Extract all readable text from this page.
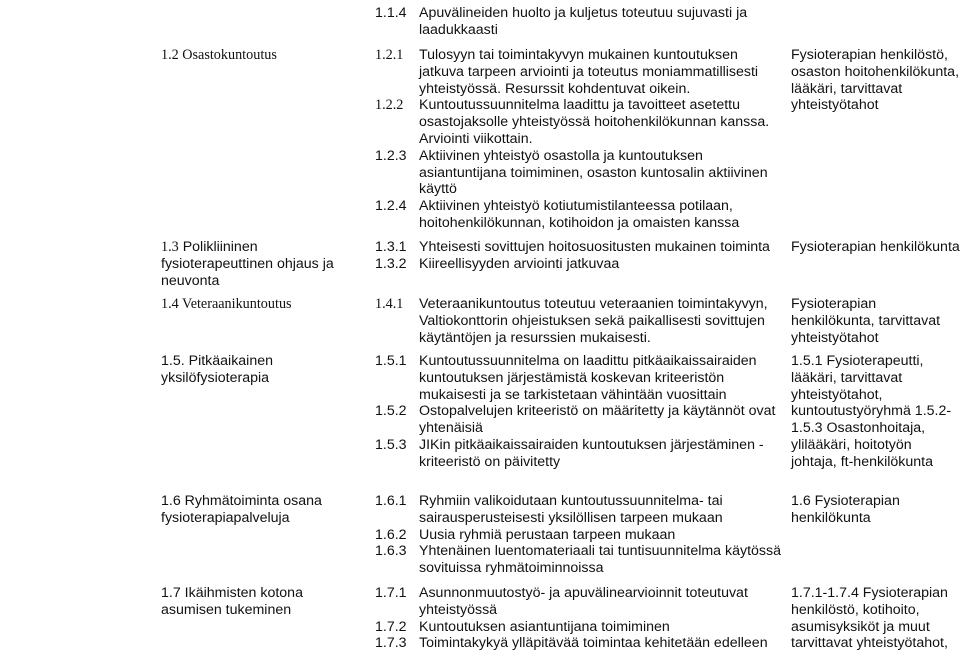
1.1.4 Apuvälineiden huolto ja kuljetus toteutuu sujuvasti ja laadukkaasti
1.2 Osastokuntoutus	1.2.1 Tulosyyn tai toimintakyvyn mukainen kuntoutuksen jatkuva tarpeen arviointi ja toteutus moniammatillisesti yhteistyössä. Resurssit kohdentuvat oikein.
1.2.2 Kuntoutussuunnitelma laadittu ja tavoitteet asetettu osastojaksolle yhteistyössä hoitohenkilökunnan kanssa. Arviointi viikottain.
1.2.3 Aktiivinen yhteistyö osastolla ja kuntoutuksen asiantuntijana toimiminen, osaston kuntosalin aktiivinen käyttö
1.2.4 Aktiivinen yhteistyö kotiutumistilanteessa potilaan, hoitohenkilökunnan, kotihoidon ja omaisten kanssa
Fysioterapian henkilöstö, osaston hoitohenkilökunta, lääkäri, tarvittavat yhteistyötahot
1.3 Polikliininen fysioterapeuttinen ohjaus ja neuvonta
1.3.1 Yhteisesti sovittujen hoitosuositusten mukainen toiminta
1.3.2 Kiireellisyyden arviointi jatkuvaa
Fysioterapian henkilökunta
1.4 Veteraanikuntoutus	1.4.1 Veteraanikuntoutus toteutuu veteraanien toimintakyvyn, Valtiokonttorin ohjeistuksen sekä paikallisesti sovittujen käytäntöjen ja resurssien mukaisesti.
Fysioterapian henkilökunta, tarvittavat yhteistyötahot
1.5. Pitkäaikainen yksilöfysioterapia
1.5.1 Kuntoutussuunnitelma on laadittu pitkäaikaissairaiden kuntoutuksen järjestämistä koskevan kriteeristön mukaisesti ja se tarkistetaan vähintään vuosittain
1.5.2 Ostopalvelujen kriteeristö on määritetty ja käytännöt ovat yhtenäisiä
1.5.3 JIKin pitkäaikaissairaiden kuntoutuksen järjestäminen -kriteeristö on päivitetty
1.5.1 Fysioterapeutti, lääkäri, tarvittavat yhteistyötahot, kuntoutustyöryhmä 1.5.2-1.5.3 Osastonhoitaja, ylilääkäri, hoitotyön johtaja, ft-henkilökunta
1.6 Ryhmätoiminta osana fysioterapiapalveluja
1.6.1 Ryhmiin valikoidutaan kuntoutussuunnitelma- tai sairausperusteisesti yksilöllisen tarpeen mukaan
1.6.2 Uusia ryhmiä perustaan tarpeen mukaan
1.6.3 Yhtenäinen luentomateriaali tai tuntisuunnitelma käytössä sovituissa ryhmätoiminnoissa
1.6 Fysioterapian henkilökunta
1.7 Ikäihmisten kotona asumisen tukeminen
1.7.1 Asunnonmuutostyö- ja apuvälinearvioinnit toteutuvat yhteistyössä
1.7.2 Kuntoutuksen asiantuntijana toimiminen
1.7.3 Toimintakykyä ylläpitävää toimintaa kehitetään edelleen
1.7.1-1.7.4 Fysioterapian henkilöstö, kotihoito, asumisyksiköt ja muut tarvittavat yhteistyötahot,
